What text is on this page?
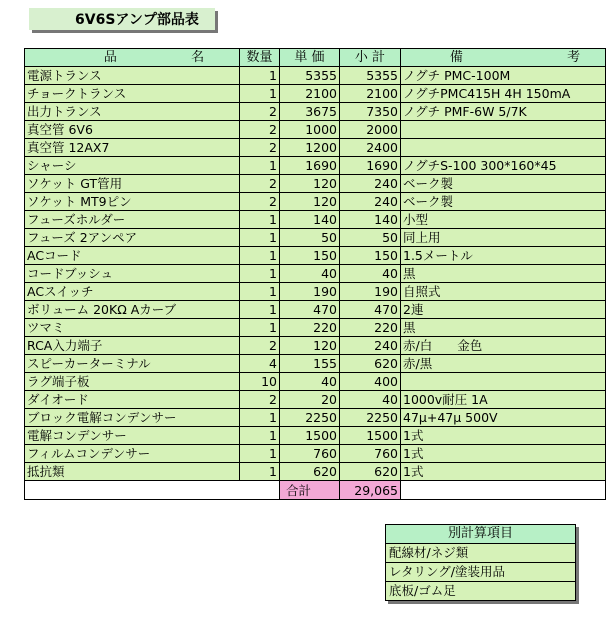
6V6Sアンプ部品表
品 名	数量	単 価	小 計	備 考
電源トランス	1	5355	5355	ノグチ PMC-100M
チョークトランス	1	2100	2100	ノグチPMC415H 4H 150mA
出力トランス	2	3675	7350	ノグチ PMF-6W 5/7K
真空管 6V6	2	1000	2000	
真空管 12AX7	2	1200	2400	
シャーシ	1	1690	1690	ノグチS-100 300*160*45
ソケット GT管用	2	120	240	ベーク製
ソケット MT9ピン	2	120	240	ベーク製
フューズホルダー	1	140	140	小型
フューズ 2アンペア	1	50	50	同上用
ACコード	1	150	150	1.5メートル
コードブッシュ	1	40	40	黒
ACスイッチ	1	190	190	自照式
ボリューム 20KΩ Aカーブ	1	470	470	2連
ツマミ	1	220	220	黒
RCA入力端子	2	120	240	赤/白　　金色
スピーカーターミナル	4	155	620	赤/黒
ラグ端子板	10	40	400	
ダイオード	2	20	40	1000v耐圧 1A
ブロック電解コンデンサー	1	2250	2250	47μ+47μ 500V
電解コンデンサー	1	1500	1500	1式
フィルムコンデンサー	1	760	760	1式
抵抗類	1	620	620	1式
		合計	29,065	
別計算項目
配線材/ネジ類
レタリング/塗装用品
底板/ゴム足
